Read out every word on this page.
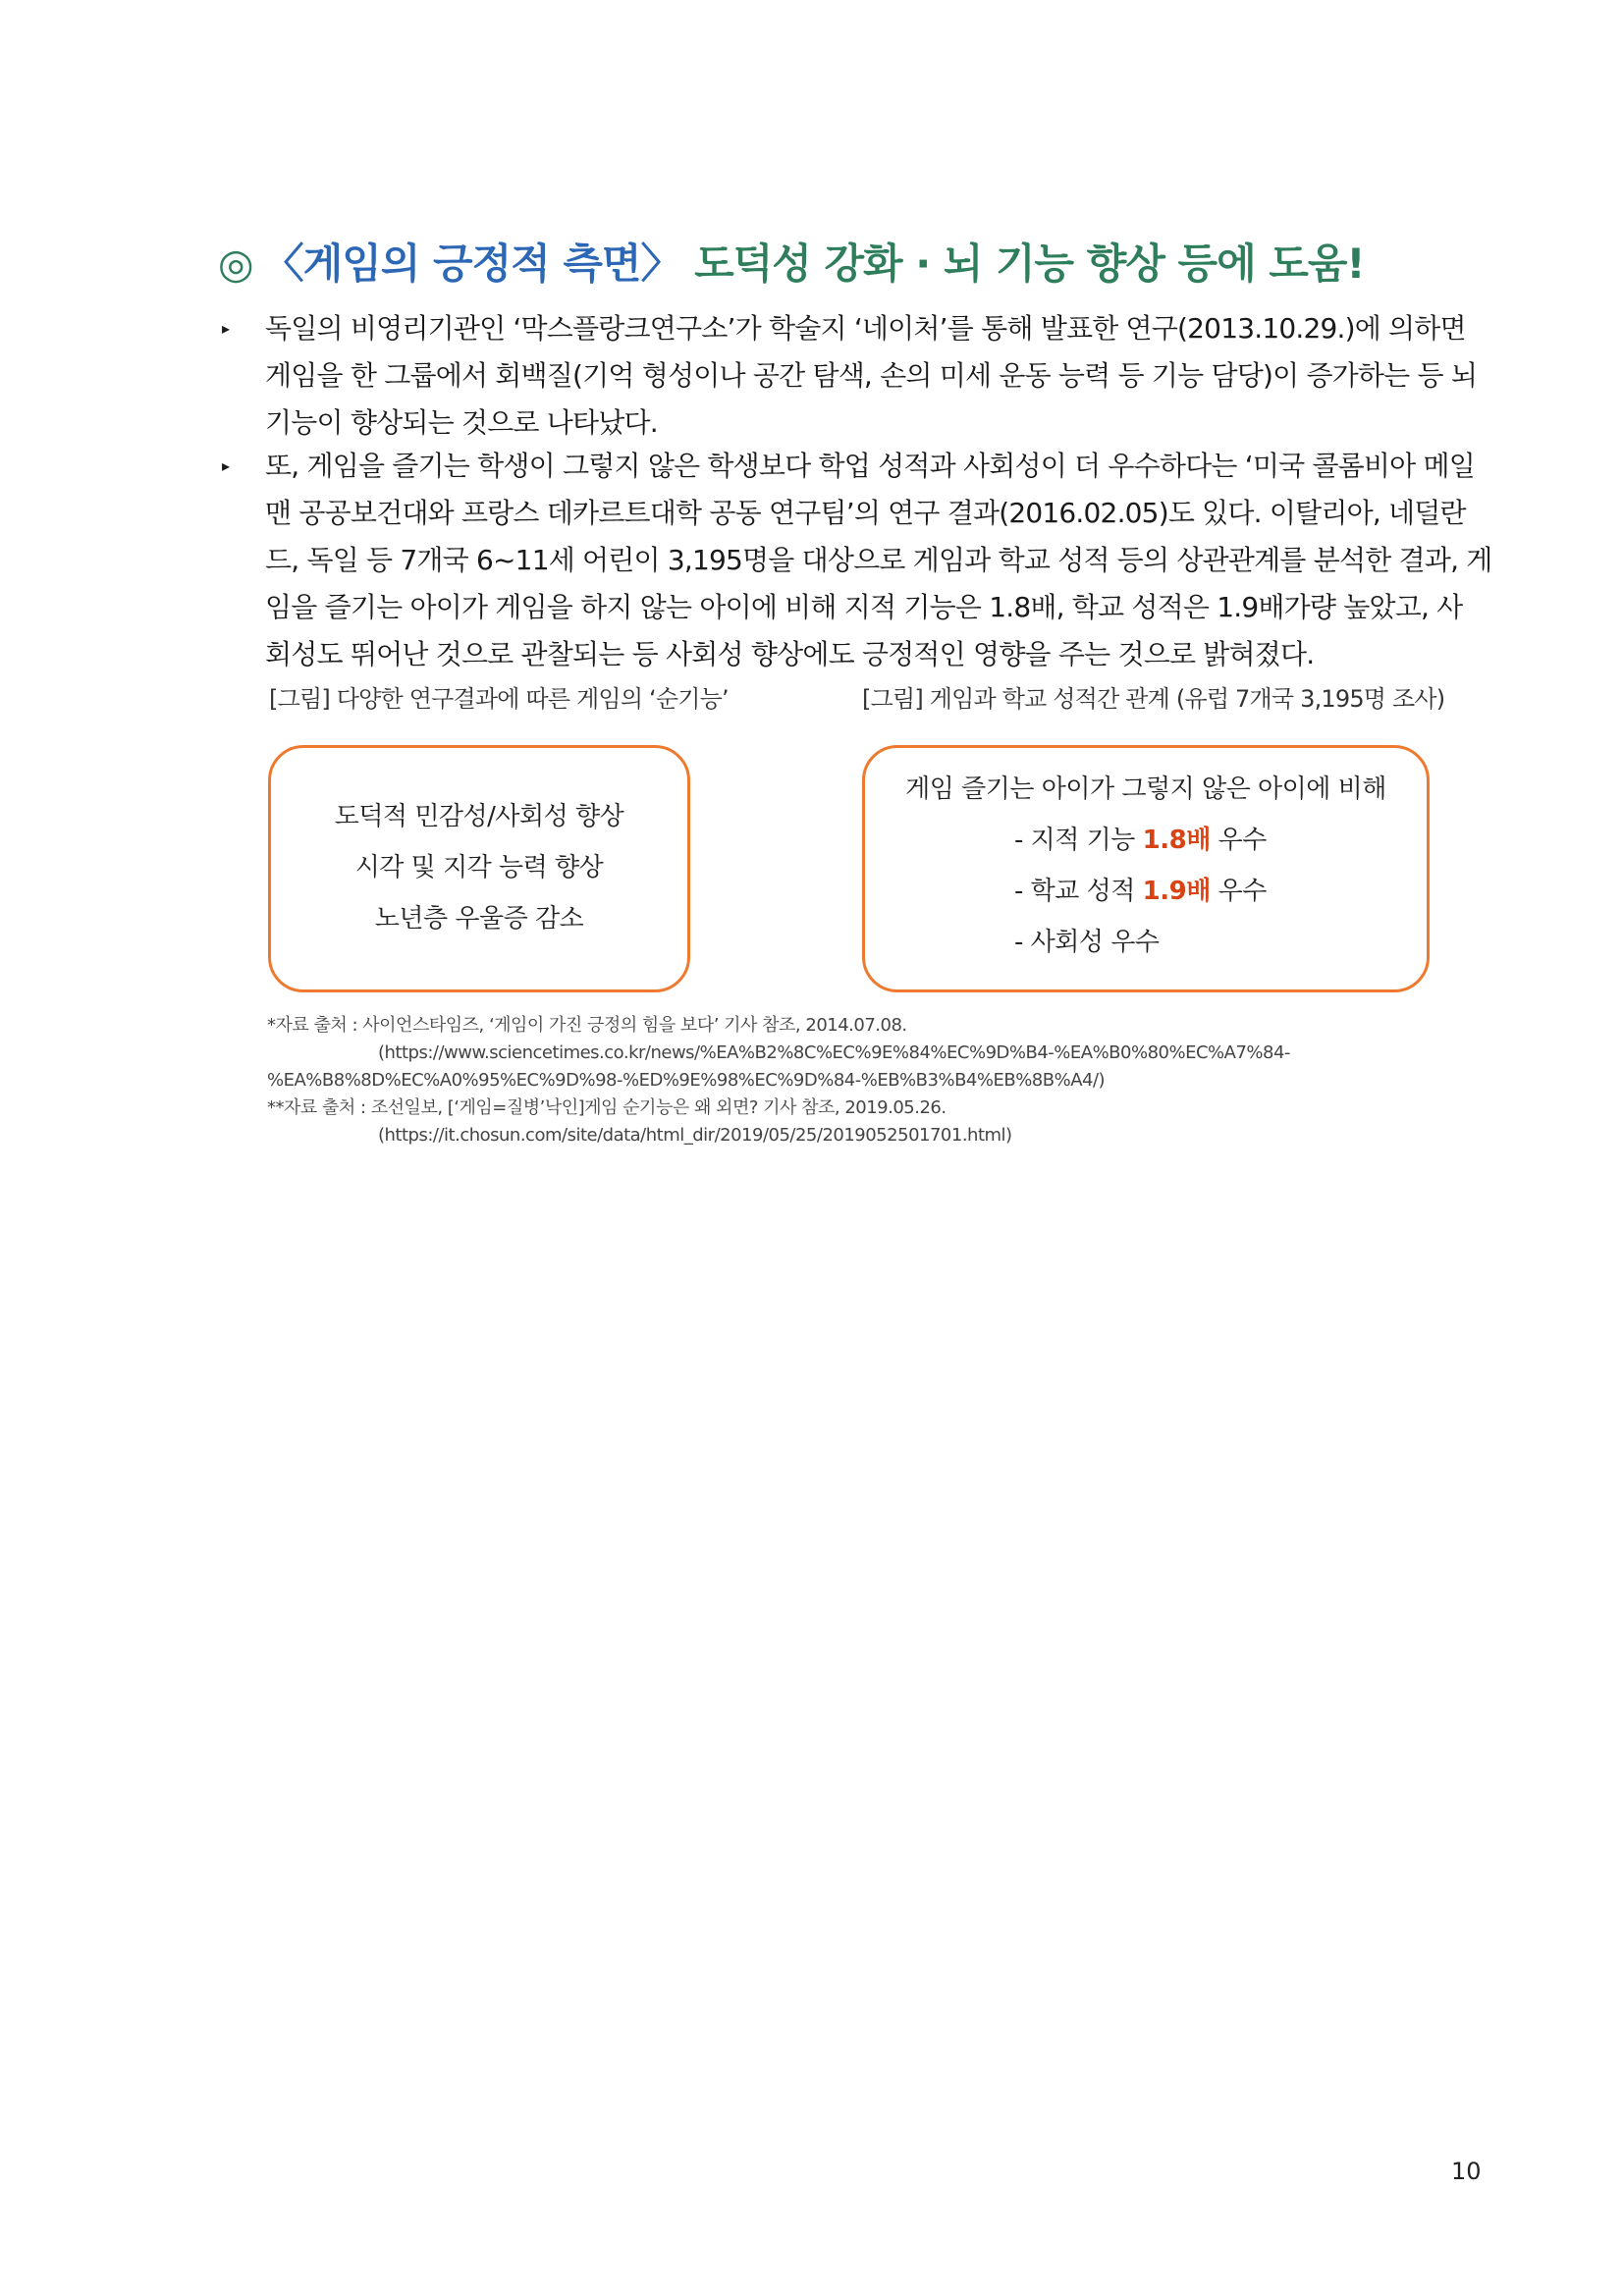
◎ 〈게임의 긍정적 측면〉 도덕성 강화 · 뇌 기능 향상 등에 도움!
▸	독일의 비영리기관인 ‘막스플랑크연구소’가 학술지 ‘네이처’를 통해 발표한 연구(2013.10.29.)에 의하면
게임을 한 그룹에서 회백질(기억 형성이나 공간 탐색, 손의 미세 운동 능력 등 기능 담당)이 증가하는 등 뇌
기능이 향상되는 것으로 나타났다.
▸	또, 게임을 즐기는 학생이 그렇지 않은 학생보다 학업 성적과 사회성이 더 우수하다는 ‘미국 콜롬비아 메일
맨 공공보건대와 프랑스 데카르트대학 공동 연구팀’의 연구 결과(2016.02.05)도 있다. 이탈리아, 네덜란
드, 독일 등 7개국 6~11세 어린이 3,195명을 대상으로 게임과 학교 성적 등의 상관관계를 분석한 결과, 게
임을 즐기는 아이가 게임을 하지 않는 아이에 비해 지적 기능은 1.8배, 학교 성적은 1.9배가량 높았고, 사
회성도 뛰어난 것으로 관찰되는 등 사회성 향상에도 긍정적인 영향을 주는 것으로 밝혀졌다.
[그림] 다양한 연구결과에 따른 게임의 ‘순기능’	[그림] 게임과 학교 성적간 관계 (유럽 7개국 3,195명 조사)
도덕적 민감성/사회성 향상
시각 및 지각 능력 향상
노년층 우울증 감소
게임 즐기는 아이가 그렇지 않은 아이에 비해
- 지적 기능 1.8배 우수
- 학교 성적 1.9배 우수
- 사회성 우수
*자료 출처 : 사이언스타임즈, ‘게임이 가진 긍정의 힘을 보다’ 기사 참조, 2014.07.08.
(https://www.sciencetimes.co.kr/news/%EA%B2%8C%EC%9E%84%EC%9D%B4-%EA%B0%80%EC%A7%84-
%EA%B8%8D%EC%A0%95%EC%9D%98-%ED%9E%98%EC%9D%84-%EB%B3%B4%EB%8B%A4/)
**자료 출처 : 조선일보, [‘게임=질병’낙인]게임 순기능은 왜 외면? 기사 참조, 2019.05.26.
(https://it.chosun.com/site/data/html_dir/2019/05/25/2019052501701.html)
10
